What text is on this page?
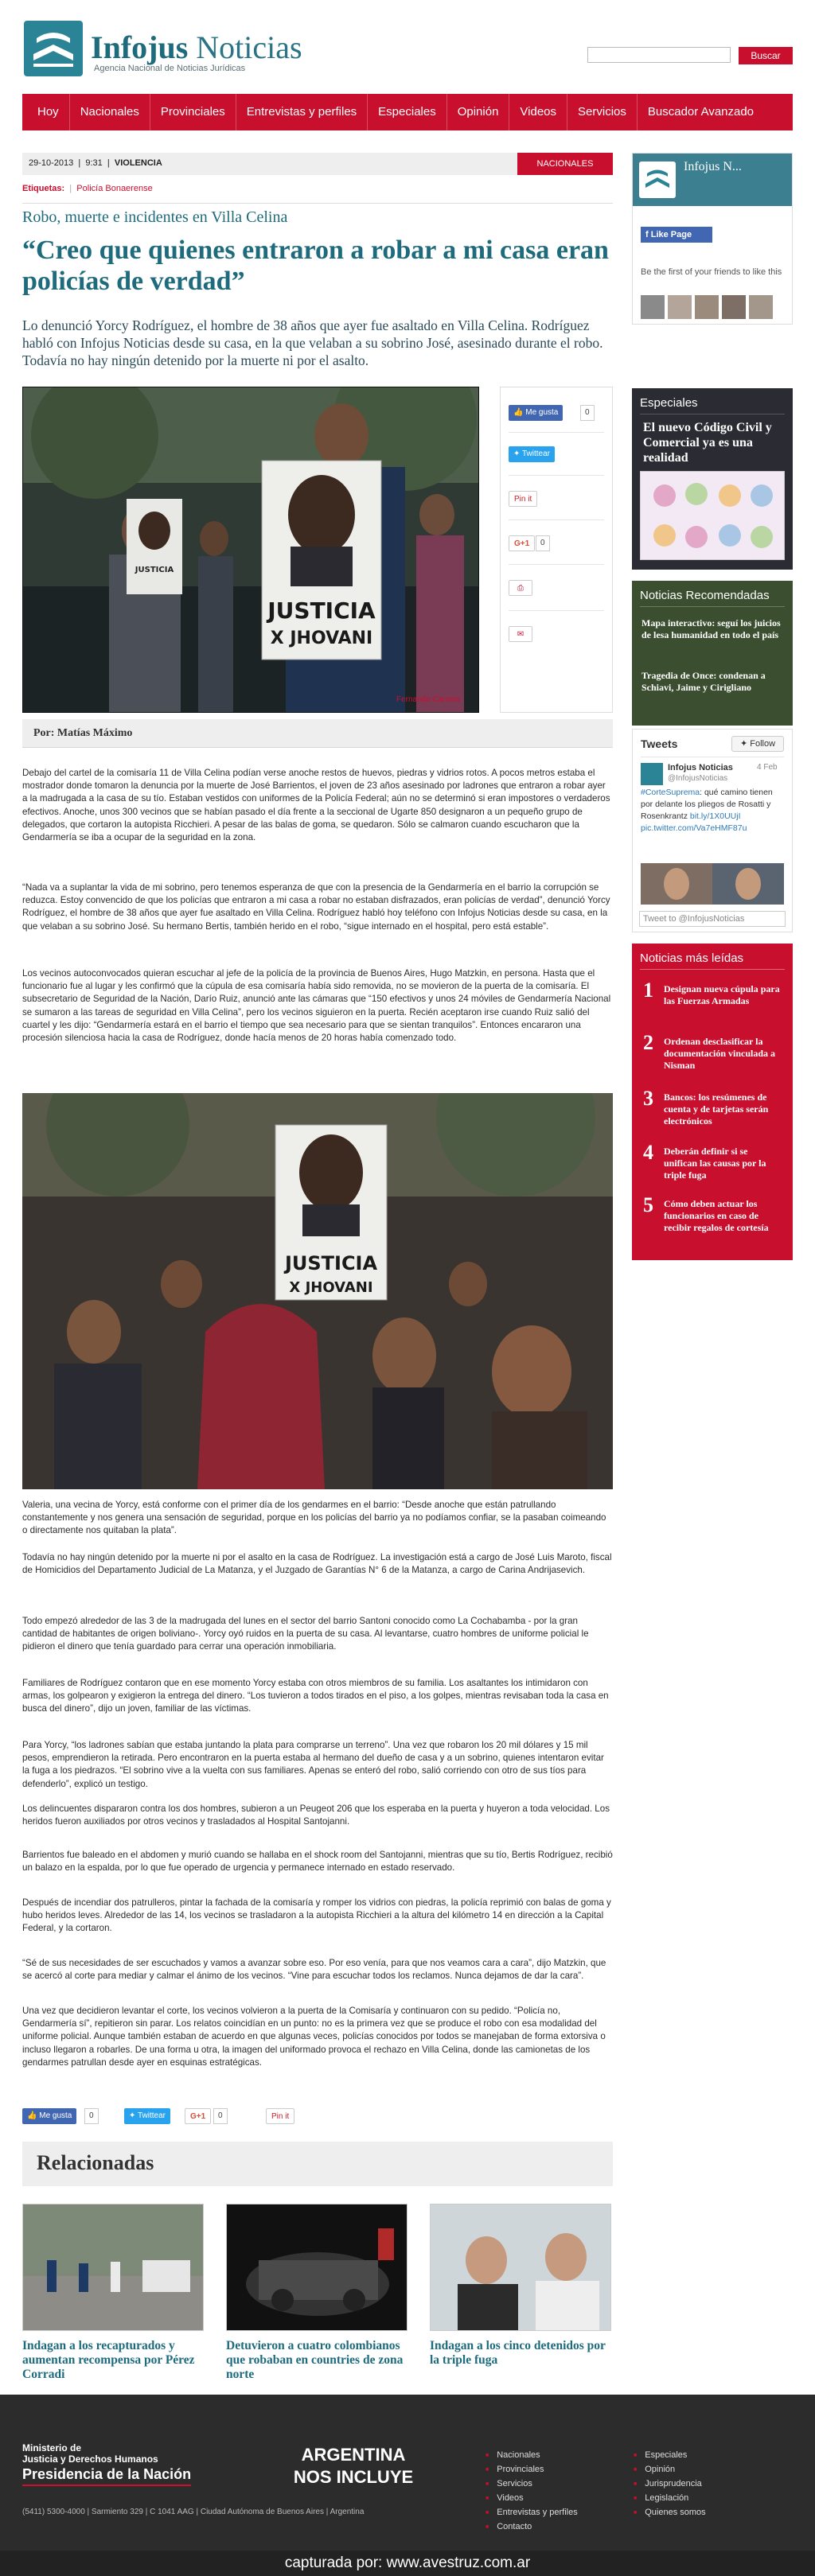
Infojus Noticias
Agencia Nacional de Noticias Jurídicas
Buscar
Hoy	Nacionales	Provinciales	Entrevistas y perfiles	Especiales	Opinión	Videos	Servicios	Buscador Avanzado
29-10-2013  |  9:31  |  VIOLENCIA	NACIONALES
Etiquetas:  |  Policía Bonaerense
Robo, muerte e incidentes en Villa Celina
“Creo que quienes entraron a robar a mi casa eran policías de verdad”

Lo denunció Yorcy Rodríguez, el hombre de 38 años que ayer fue asaltado en Villa Celina. Rodríguez habló con Infojus Noticias desde su casa, en la que velaban a su sobrino José, asesinado durante el robo. Todavía no hay ningún detenido por la muerte ni por el asalto.

JUSTICIA
X JHOVANI
JUSTICIA
Fernando Carrera
👍 Me gusta	0
✦ Twittear
Pin it
G+1	0
⎙
✉
Por: Matías Máximo

Debajo del cartel de la comisaría 11 de Villa Celina podían verse anoche restos de huevos, piedras y vidrios rotos. A pocos metros estaba el mostrador donde tomaron la denuncia por la muerte de José Barrientos, el joven de 23 años asesinado por ladrones que entraron a robar ayer a la madrugada a la casa de su tío. Estaban vestidos con uniformes de la Policía Federal; aún no se determinó si eran impostores o verdaderos efectivos. Anoche, unos 300 vecinos que se habían pasado el día frente a la seccional de Ugarte 850 designaron a un pequeño grupo de delegados, que cortaron la autopista Ricchieri. A pesar de las balas de goma, se quedaron. Sólo se calmaron cuando escucharon que la Gendarmería se iba a ocupar de la seguridad en la zona.

“Nada va a suplantar la vida de mi sobrino, pero tenemos esperanza de que con la presencia de la Gendarmería en el barrio la corrupción se reduzca. Estoy convencido de que los policías que entraron a mi casa a robar no estaban disfrazados, eran policías de verdad”, denunció Yorcy Rodríguez, el hombre de 38 años que ayer fue asaltado en Villa Celina. Rodríguez habló hoy teléfono con Infojus Noticias desde su casa, en la que velaban a su sobrino José. Su hermano Bertis, también herido en el robo, “sigue internado en el hospital, pero está estable”.

Los vecinos autoconvocados quieran escuchar al jefe de la policía de la provincia de Buenos Aires, Hugo Matzkin, en persona. Hasta que el funcionario fue al lugar y les confirmó que la cúpula de esa comisaría había sido removida, no se movieron de la puerta de la comisaría. El subsecretario de Seguridad de la Nación, Darío Ruiz, anunció ante las cámaras que “150 efectivos y unos 24 móviles de Gendarmería Nacional se sumaron a las tareas de seguridad en Villa Celina”, pero los vecinos siguieron en la puerta. Recién aceptaron irse cuando Ruiz salió del cuartel y les dijo: “Gendarmería estará en el barrio el tiempo que sea necesario para que se sientan tranquilos”. Entonces encararon una procesión silenciosa hacia la casa de Rodríguez, donde hacía menos de 20 horas había comenzado todo.

JUSTICIA
X JHOVANI

Valeria, una vecina de Yorcy, está conforme con el primer día de los gendarmes en el barrio: “Desde anoche que están patrullando constantemente y nos genera una sensación de seguridad, porque en los policías del barrio ya no podíamos confiar, se la pasaban coimeando o directamente nos quitaban la plata”.

Todavía no hay ningún detenido por la muerte ni por el asalto en la casa de Rodríguez. La investigación está a cargo de José Luis Maroto, fiscal de Homicidios del Departamento Judicial de La Matanza, y el Juzgado de Garantías N° 6 de la Matanza, a cargo de Carina Andrijasevich.

Todo empezó alrededor de las 3 de la madrugada del lunes en el sector del barrio Santoni conocido como La Cochabamba - por la gran cantidad de habitantes de origen boliviano-. Yorcy oyó ruidos en la puerta de su casa. Al levantarse, cuatro hombres de uniforme policial le pidieron el dinero que tenía guardado para cerrar una operación inmobiliaria.

Familiares de Rodríguez contaron que en ese momento Yorcy estaba con otros miembros de su familia. Los asaltantes los intimidaron con armas, los golpearon y exigieron la entrega del dinero. “Los tuvieron a todos tirados en el piso, a los golpes, mientras revisaban toda la casa en busca del dinero”, dijo un joven, familiar de las víctimas.

Para Yorcy, “los ladrones sabían que estaba juntando la plata para comprarse un terreno”. Una vez que robaron los 20 mil dólares y 15 mil pesos, emprendieron la retirada. Pero encontraron en la puerta estaba al hermano del dueño de casa y a un sobrino, quienes intentaron evitar la fuga a los piedrazos. “El sobrino vive a la vuelta con sus familiares. Apenas se enteró del robo, salió corriendo con otro de sus tíos para defenderlo”, explicó un testigo.

Los delincuentes dispararon contra los dos hombres, subieron a un Peugeot 206 que los esperaba en la puerta y huyeron a toda velocidad. Los heridos fueron auxiliados por otros vecinos y trasladados al Hospital Santojanni.

Barrientos fue baleado en el abdomen y murió cuando se hallaba en el shock room del Santojanni, mientras que su tío, Bertis Rodríguez, recibió un balazo en la espalda, por lo que fue operado de urgencia y permanece internado en estado reservado.

Después de incendiar dos patrulleros, pintar la fachada de la comisaría y romper los vidrios con piedras, la policía reprimió con balas de goma y hubo heridos leves. Alrededor de las 14, los vecinos se trasladaron a la autopista Ricchieri a la altura del kilómetro 14 en dirección a la Capital Federal, y la cortaron.

“Sé de sus necesidades de ser escuchados y vamos a avanzar sobre eso. Por eso venía, para que nos veamos cara a cara”, dijo Matzkin, que se acercó al corte para mediar y calmar el ánimo de los vecinos. “Vine para escuchar todos los reclamos. Nunca dejamos de dar la cara”.

Una vez que decidieron levantar el corte, los vecinos volvieron a la puerta de la Comisaría y continuaron con su pedido. “Policía no, Gendarmería sí”, repitieron sin parar. Los relatos coincidían en un punto: no es la primera vez que se produce el robo con esa modalidad del uniforme policial. Aunque también estaban de acuerdo en que algunas veces, policías conocidos por todos se manejaban de forma extorsiva o incluso llegaron a robarles. De una forma u otra, la imagen del uniformado provoca el rechazo en Villa Celina, donde las camionetas de los gendarmes patrullan desde ayer en esquinas estratégicas.

👍 Me gusta	0	✦ Twittear	G+1	0	Pin it
Relacionadas
Indagan a los recapturados y aumentan recompensa por Pérez Corradi
Detuvieron a cuatro colombianos que robaban en countries de zona norte
Indagan a los cinco detenidos por la triple fuga
Infojus N...
f Like Page
Be the first of your friends to like this
Especiales
El nuevo Código Civil y Comercial ya es una realidad
Noticias Recomendadas
Mapa interactivo: seguí los juicios de lesa humanidad en todo el país
Tragedia de Once: condenan a Schiavi, Jaime y Cirigliano
Tweets	✦ Follow
Infojus Noticias
@InfojusNoticias
4 Feb
#CorteSuprema: qué camino tienen por delante los pliegos de Rosatti y Rosenkrantz bit.ly/1X0UUjI pic.twitter.com/Va7eHMF87u
Tweet to @InfojusNoticias
Noticias más leídas
1 Designan nueva cúpula para las Fuerzas Armadas
2 Ordenan desclasificar la documentación vinculada a Nisman
3 Bancos: los resúmenes de cuenta y de tarjetas serán electrónicos
4 Deberán definir si se unifican las causas por la triple fuga
5 Cómo deben actuar los funcionarios en caso de recibir regalos de cortesía
Ministerio de
Justicia y Derechos Humanos
Presidencia de la Nación
ARGENTINA NOS INCLUYE
(5411) 5300-4000 | Sarmiento 329 | C 1041 AAG | Ciudad Autónoma de Buenos Aires | Argentina
■ Nacionales
■ Provinciales
■ Servicios
■ Videos
■ Entrevistas y perfiles
■ Contacto
■ Especiales
■ Opinión
■ Jurisprudencia
■ Legislación
■ Quienes somos
capturada por: www.avestruz.com.ar
